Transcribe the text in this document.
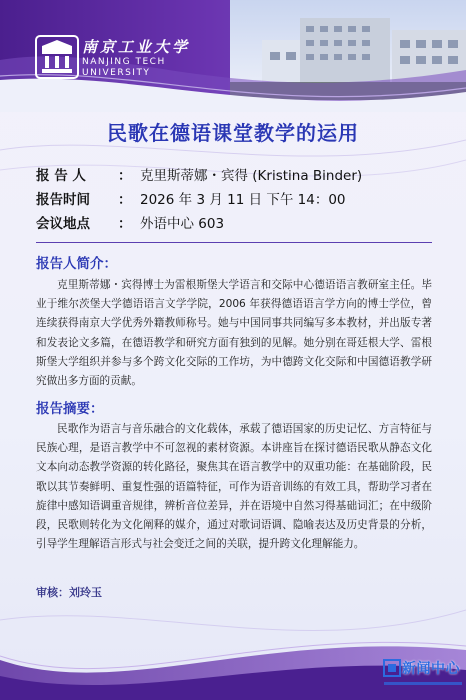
南京工业大学
NANJING TECH
UNIVERSITY
民歌在德语课堂教学的运用
报 告 人	： 克里斯蒂娜・宾得 (Kristina Binder)
报告时间	： 2026 年 3 月 11 日 下午 14：00
会议地点	： 外语中心 603
报告人简介：
克里斯蒂娜・宾得博士为雷根斯堡大学语言和交际中心德语语言教研室主任。毕业于维尔茨堡大学德语语言文学学院，2006 年获得德语语言学方向的博士学位，曾连续获得南京大学优秀外籍教师称号。她与中国同事共同编写多本教材，并出版专著和发表论文多篇，在德语教学和研究方面有独到的见解。她分别在哥廷根大学、雷根斯堡大学组织并参与多个跨文化交际的工作坊，为中德跨文化交际和中国德语教学研究做出多方面的贡献。
报告摘要：
民歌作为语言与音乐融合的文化载体，承载了德语国家的历史记忆、方言特征与民族心理，是语言教学中不可忽视的素材资源。本讲座旨在探讨德语民歌从静态文化文本向动态教学资源的转化路径，聚焦其在语言教学中的双重功能：在基础阶段，民歌以其节奏鲜明、重复性强的语篇特征，可作为语音训练的有效工具，帮助学习者在旋律中感知语调重音规律，辨析音位差异，并在语境中自然习得基础词汇；在中级阶段，民歌则转化为文化阐释的媒介，通过对歌词语调、隐喻表达及历史背景的分析，引导学生理解语言形式与社会变迁之间的关联，提升跨文化理解能力。
审核：刘玲玉
新闻中心
